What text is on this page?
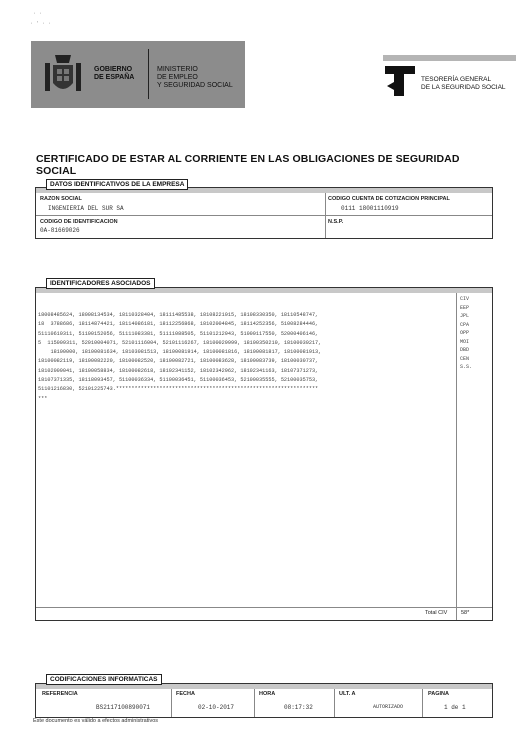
· ·
· ' · ·
GOBIERNO
DE ESPAÑA
MINISTERIO
DE EMPLEO
Y SEGURIDAD SOCIAL
TESORERÍA GENERAL
DE LA SEGURIDAD SOCIAL
CERTIFICADO DE ESTAR AL CORRIENTE EN LAS OBLIGACIONES DE SEGURIDAD SOCIAL
RAZON SOCIAL
INGENIERIA DEL SUR SA
CODIGO CUENTA DE COTIZACION PRINCIPAL
0111 18001110919
CODIGO DE IDENTIFICACION
0A-81669026
N.S.P.
DATOS IDENTIFICATIVOS DE LA EMPRESA
Total CIV 58*
IDENTIFICADORES ASOCIADOS
18008485624, 18008134534, 18110328404, 18111485538, 18108221015, 18108330350, 18110548747,
18  3788686, 18114874421, 18114086181, 18112256868, 18102004845, 18114252356, 51008284446,
51110610311, 51100152056, 51111083381, 51111088505, 51101212943, 51000117550, 52000406146,
5  115009311, 52010004071, 52101116004, 52101116267, 18100029999, 18100350210, 18100030217,
18100000, 18100081634, 18103081513, 18100081914, 18100081816, 18100081817, 18100081913,
18100082119, 18100082220, 18100082520, 18100082721, 18100083628, 18100083739, 18100030737,
18102009041, 18100058834, 18100082618, 18102341152, 18102342962, 18102341163, 18107371273,
18107371335, 18118093457, 51100036334, 51100036451, 51100036453, 52100035555, 52100035753,
51101216830, 52101225743.*****************************************************************
***
CIV
EEP
JPL
CPA
OPP
MOI
DBD
CEN
S.S.
REFERENCIA
BS2117100890071
FECHA
02-10-2017
HORA
08:17:32
ULT. A
AUTORIZADO
PAGINA
1 de 1
CODIFICACIONES INFORMATICAS
Este documento es válido a efectos administrativos
